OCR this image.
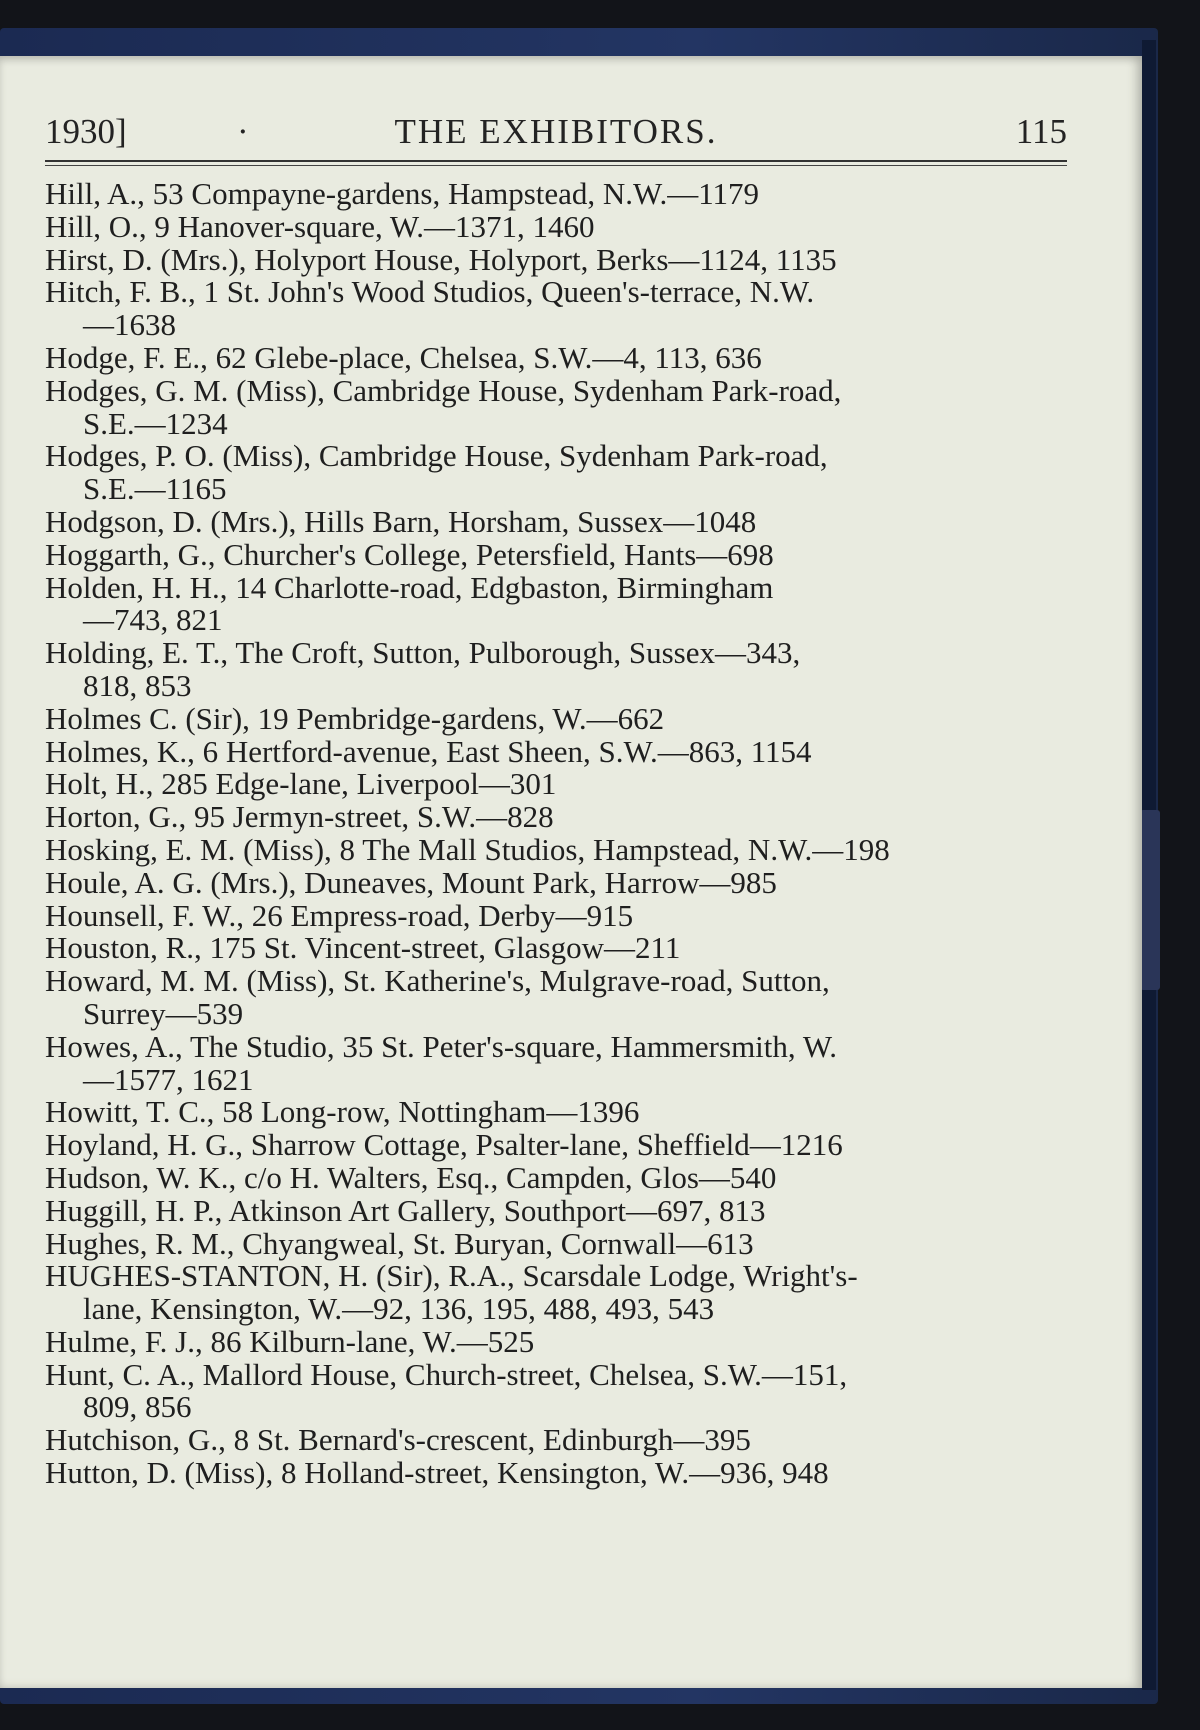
1930]	·	THE EXHIBITORS.	115
Hill, A., 53 Compayne-gardens, Hampstead, N.W.—1179
Hill, O., 9 Hanover-square, W.—1371, 1460
Hirst, D. (Mrs.), Holyport House, Holyport, Berks—1124, 1135
Hitch, F. B., 1 St. John's Wood Studios, Queen's-terrace, N.W.
—1638
Hodge, F. E., 62 Glebe-place, Chelsea, S.W.—4, 113, 636
Hodges, G. M. (Miss), Cambridge House, Sydenham Park-road,
S.E.—1234
Hodges, P. O. (Miss), Cambridge House, Sydenham Park-road,
S.E.—1165
Hodgson, D. (Mrs.), Hills Barn, Horsham, Sussex—1048
Hoggarth, G., Churcher's College, Petersfield, Hants—698
Holden, H. H., 14 Charlotte-road, Edgbaston, Birmingham
—743, 821
Holding, E. T., The Croft, Sutton, Pulborough, Sussex—343,
818, 853
Holmes C. (Sir), 19 Pembridge-gardens, W.—662
Holmes, K., 6 Hertford-avenue, East Sheen, S.W.—863, 1154
Holt, H., 285 Edge-lane, Liverpool—301
Horton, G., 95 Jermyn-street, S.W.—828
Hosking, E. M. (Miss), 8 The Mall Studios, Hampstead, N.W.—198
Houle, A. G. (Mrs.), Duneaves, Mount Park, Harrow—985
Hounsell, F. W., 26 Empress-road, Derby—915
Houston, R., 175 St. Vincent-street, Glasgow—211
Howard, M. M. (Miss), St. Katherine's, Mulgrave-road, Sutton,
Surrey—539
Howes, A., The Studio, 35 St. Peter's-square, Hammersmith, W.
—1577, 1621
Howitt, T. C., 58 Long-row, Nottingham—1396
Hoyland, H. G., Sharrow Cottage, Psalter-lane, Sheffield—1216
Hudson, W. K., c/o H. Walters, Esq., Campden, Glos—540
Huggill, H. P., Atkinson Art Gallery, Southport—697, 813
Hughes, R. M., Chyangweal, St. Buryan, Cornwall—613
HUGHES-STANTON, H. (Sir), R.A., Scarsdale Lodge, Wright's-
lane, Kensington, W.—92, 136, 195, 488, 493, 543
Hulme, F. J., 86 Kilburn-lane, W.—525
Hunt, C. A., Mallord House, Church-street, Chelsea, S.W.—151,
809, 856
Hutchison, G., 8 St. Bernard's-crescent, Edinburgh—395
Hutton, D. (Miss), 8 Holland-street, Kensington, W.—936, 948
